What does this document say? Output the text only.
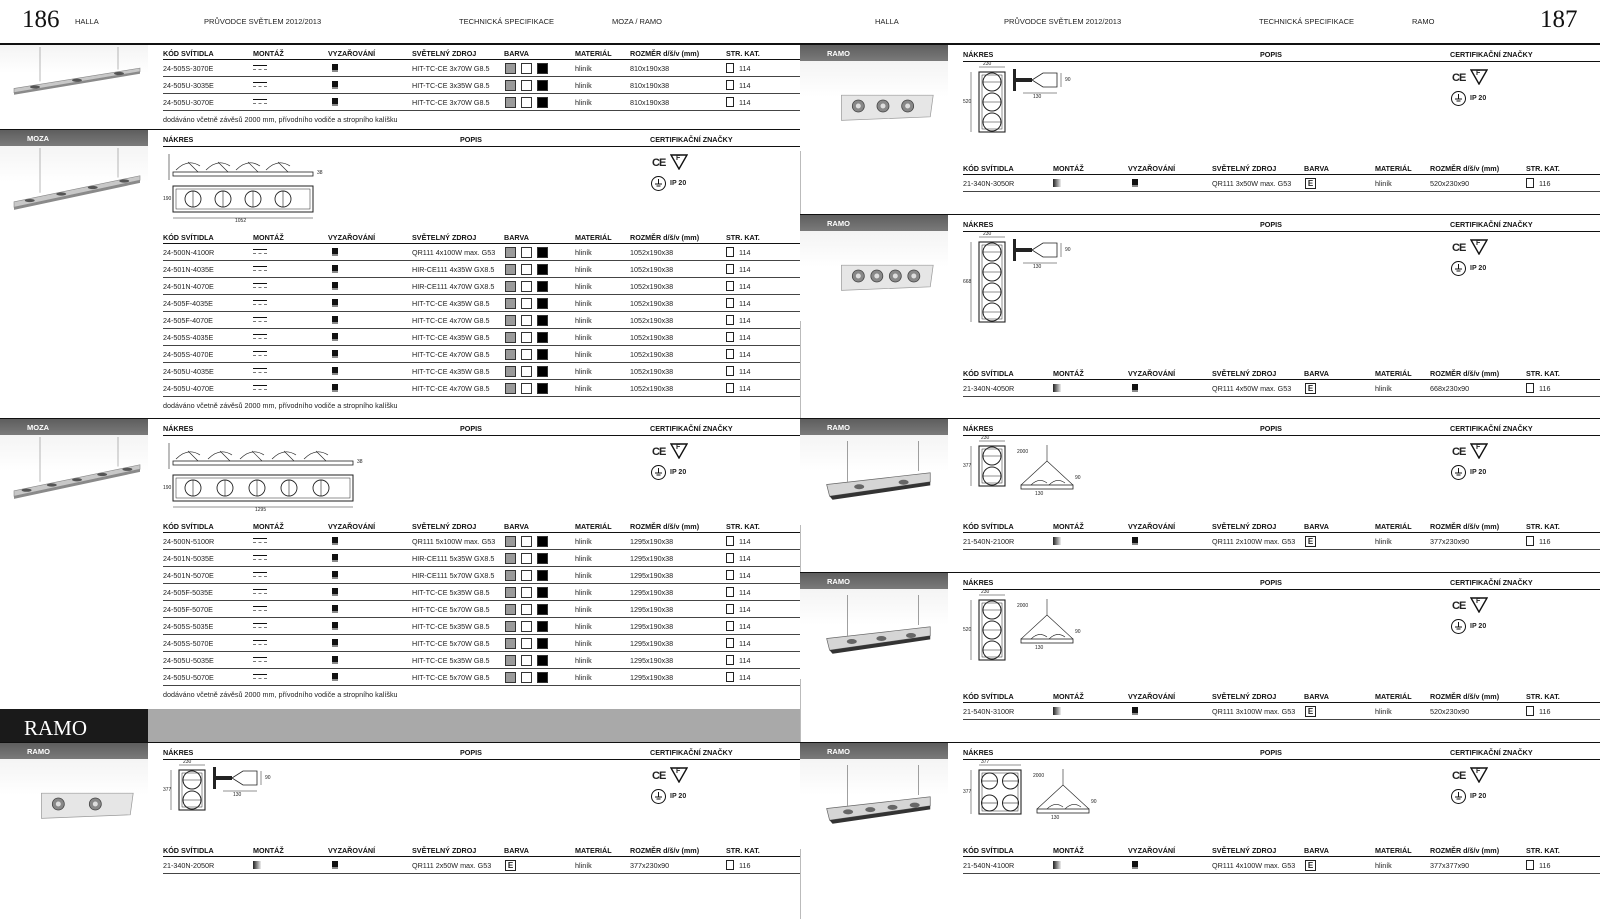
186 HALLA	PRŮVODCE SVĚTLEM 2012/2013	TECHNICKÁ SPECIFIKACE	MOZA / RAMO	HALLA	PRŮVODCE SVĚTLEM 2012/2013	TECHNICKÁ SPECIFIKACE	RAMO	187
RAMO
KÓD SVÍTIDLA	MONTÁŽ	VYZAŘOVÁNÍ	SVĚTELNÝ ZDROJ	BARVA	MATERIÁL	ROZMĚR d/š/v (mm)	STR. KAT.
24-505S-3070E	HIT-TC-CE 3x70W G8.5	hliník	810x190x38	114
24-505U-3035E	HIT-TC-CE 3x35W G8.5	hliník	810x190x38	114
24-505U-3070E	HIT-TC-CE 3x70W G8.5	hliník	810x190x38	114
dodáváno včetně závěsů 2000 mm, přívodního vodiče a stropního kalíšku
MOZA	NÁKRES	POPIS	CERTIFIKAČNÍ ZNAČKY
CE F
IP 20
38
190
1052
KÓD SVÍTIDLA	MONTÁŽ	VYZAŘOVÁNÍ	SVĚTELNÝ ZDROJ	BARVA	MATERIÁL	ROZMĚR d/š/v (mm)	STR. KAT.
24-500N-4100R	QR111 4x100W max. G53	hliník	1052x190x38	114
24-501N-4035E	HIR-CE111 4x35W GX8.5	hliník	1052x190x38	114
24-501N-4070E	HIR-CE111 4x70W GX8.5	hliník	1052x190x38	114
24-505F-4035E	HIT-TC-CE 4x35W G8.5	hliník	1052x190x38	114
24-505F-4070E	HIT-TC-CE 4x70W G8.5	hliník	1052x190x38	114
24-505S-4035E	HIT-TC-CE 4x35W G8.5	hliník	1052x190x38	114
24-505S-4070E	HIT-TC-CE 4x70W G8.5	hliník	1052x190x38	114
24-505U-4035E	HIT-TC-CE 4x35W G8.5	hliník	1052x190x38	114
24-505U-4070E	HIT-TC-CE 4x70W G8.5	hliník	1052x190x38	114
dodáváno včetně závěsů 2000 mm, přívodního vodiče a stropního kalíšku
MOZA	NÁKRES	POPIS	CERTIFIKAČNÍ ZNAČKY
CE F
IP 20
38
190
1295
KÓD SVÍTIDLA	MONTÁŽ	VYZAŘOVÁNÍ	SVĚTELNÝ ZDROJ	BARVA	MATERIÁL	ROZMĚR d/š/v (mm)	STR. KAT.
24-500N-5100R	QR111 5x100W max. G53	hliník	1295x190x38	114
24-501N-5035E	HIR-CE111 5x35W GX8.5	hliník	1295x190x38	114
24-501N-5070E	HIR-CE111 5x70W GX8.5	hliník	1295x190x38	114
24-505F-5035E	HIT-TC-CE 5x35W G8.5	hliník	1295x190x38	114
24-505F-5070E	HIT-TC-CE 5x70W G8.5	hliník	1295x190x38	114
24-505S-5035E	HIT-TC-CE 5x35W G8.5	hliník	1295x190x38	114
24-505S-5070E	HIT-TC-CE 5x70W G8.5	hliník	1295x190x38	114
24-505U-5035E	HIT-TC-CE 5x35W G8.5	hliník	1295x190x38	114
24-505U-5070E	HIT-TC-CE 5x70W G8.5	hliník	1295x190x38	114
dodáváno včetně závěsů 2000 mm, přívodního vodiče a stropního kalíšku
RAMO	NÁKRES	POPIS	CERTIFIKAČNÍ ZNAČKY
CE F
IP 20
230
90
130
377
KÓD SVÍTIDLA	MONTÁŽ	VYZAŘOVÁNÍ	SVĚTELNÝ ZDROJ	BARVA	MATERIÁL	ROZMĚR d/š/v (mm)	STR. KAT.
21-340N-2050R	QR111 2x50W max. G53	E	hliník	377x230x90	116
RAMO	NÁKRES	POPIS	CERTIFIKAČNÍ ZNAČKY
CE F
IP 20
230
90
130
520
KÓD SVÍTIDLA	MONTÁŽ	VYZAŘOVÁNÍ	SVĚTELNÝ ZDROJ	BARVA	MATERIÁL	ROZMĚR d/š/v (mm)	STR. KAT.
21-340N-3050R	QR111 3x50W max. G53	E	hliník	520x230x90	116
RAMO	NÁKRES	POPIS	CERTIFIKAČNÍ ZNAČKY
CE F
IP 20
230
90
130
668
KÓD SVÍTIDLA	MONTÁŽ	VYZAŘOVÁNÍ	SVĚTELNÝ ZDROJ	BARVA	MATERIÁL	ROZMĚR d/š/v (mm)	STR. KAT.
21-340N-4050R	QR111 4x50W max. G53	E	hliník	668x230x90	116
RAMO	NÁKRES	POPIS	CERTIFIKAČNÍ ZNAČKY
CE F
IP 20
230
2000
90
130
377
KÓD SVÍTIDLA	MONTÁŽ	VYZAŘOVÁNÍ	SVĚTELNÝ ZDROJ	BARVA	MATERIÁL	ROZMĚR d/š/v (mm)	STR. KAT.
21-540N-2100R	QR111 2x100W max. G53	E	hliník	377x230x90	116
RAMO	NÁKRES	POPIS	CERTIFIKAČNÍ ZNAČKY
CE F
IP 20
230
2000
90
130
520
KÓD SVÍTIDLA	MONTÁŽ	VYZAŘOVÁNÍ	SVĚTELNÝ ZDROJ	BARVA	MATERIÁL	ROZMĚR d/š/v (mm)	STR. KAT.
21-540N-3100R	QR111 3x100W max. G53	E	hliník	520x230x90	116
RAMO	NÁKRES	POPIS	CERTIFIKAČNÍ ZNAČKY
CE F
IP 20
377
2000
90
130
377
KÓD SVÍTIDLA	MONTÁŽ	VYZAŘOVÁNÍ	SVĚTELNÝ ZDROJ	BARVA	MATERIÁL	ROZMĚR d/š/v (mm)	STR. KAT.
21-540N-4100R	QR111 4x100W max. G53	E	hliník	377x377x90	116
